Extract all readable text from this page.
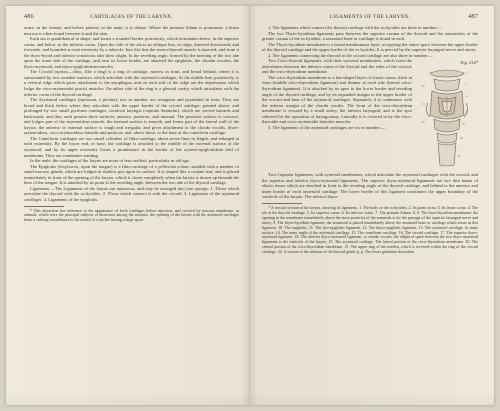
486	CARTILAGES OF THE LARYNX.

acute; in the female, and before puberty in the male, it is obtuse. Where the pomum Adami is prominent, a bursa mucosa is often found between it and the skin.

Each ala is quadrilateral in shape, and forms a rounded border posteriorly, which terminates above, in the superior cornu, and below, in the inferior cornu. Upon the side of the ala is an oblique line, or ridge, directed downwards and forwards, and bounded at each extremity by a tubercle. Into this line the sterno-thyroid muscle is inserted; and from it the thyro-hyoid and inferior constrictor take their origin. In the receding angle, formed by the meeting of the two alæ upon the inner side of the cartilage, and near its lower border, are attached the epiglottis, the chordæ vocales, the thyro-arytenoid, and thyro-epiglottidean muscles.

The Cricoid (κρίκος—εἶδος, like a ring) is a ring of cartilage, narrow in front, and broad behind, where it is surmounted by two rounded surfaces, which articulate with the arytenoid cartilages. At the middle line, posteriorly, is a vertical ridge which gives attachment to the œsophagus, and on each side of the ridge are the depressions which lodge the crico-arytenoidei postici muscles. On either side of the ring is a glenoid cavity, which articulates with the inferior cornu of the thyroid cartilage.

The Arytenoid cartilages (ἀρύταινα, a pitcher), two in number, are triangular and pyramidal in form. They are broad and thick below where they articulate with the upper border of the cricoid cartilage; pointed above, and prolonged by two small pyriform cartilages, corniculi laryngis (capitula Santorini), which are curved inwards and backwards, and they each present three surfaces, anterior, posterior, and internal. The posterior surface is concave, and lodges part of the arytenoideus muscle; the internal surface is smooth, and forms part of the lateral wall of the larynx; the anterior or external surface is rough and irregular, and gives attachment to the chorda vocalis, thyro-arytenoideus, crico-arytenoideus lateralis and posticus, and, above these, to the base of the cuneiform cartilage.

The Cuneiform cartilages are two small cylinders of fibro-cartilage, about seven lines in length, and enlarged at each extremity. By the lower end, or base, the cartilage is attached to the middle of the external surface of the arytenoid, and by its upper extremity forms a prominence in the border of the aryteno-epiglottidean fold of membrane. They are sometimes wanting.

In the male, the cartilages of the larynx are more or less ossified, particularly in old age.

The Epiglottis (ἐπιγλωττίς, upon the tongue) is a fibro-cartilage of a yellowish colour, studded with a number of small mucous glands, which are lodged in shallow pits upon its surface. It is shaped like a cordate leaf, and is placed immediately in front of the opening of the larynx, which it closes completely when the larynx is drawn up beneath the base of the tongue. It is attached by its point to the receding angle, between the two alæ of the thyroid cartilage.

Ligaments.—The Ligaments of the larynx are numerous, and may be arranged into four groups: 1. Those which articulate the thyroid with the os hyoides. 2. Those which connect it with the cricoid. 3. Ligaments of the arytenoid cartilages. 4. Ligaments of the epiglottis.

* This dissection has reference to the appearance of fresh cartilages before injection, and covered by mucous membrane, in animals, which were the principal subjects of dissection among the ancients, the opening of the larynx with the arytenoid cartilages bears a striking resemblance to the mouth of a pitcher having a large spout.

LIGAMENTS OF THE LARYNX.	487

1. The ligaments which connect the thyroid cartilage with the os hyoides are three in number:—

The two Thyro-hyoidean ligaments pass between the superior cornua of the thyroid and the extremities of the greater cornua of the os hyoides; a sesamoid bone or cartilage is found in each.

The Thyro-hyoidean membrane is a broad membranous layer, occupying the entire space between the upper border of the thyroid cartilage and the upper border of the os hyoides. It is pierced by the superior laryngeal nerve and artery.

2. The ligaments connecting the thyroid to the cricoid cartilage are also three in number:—

Two Crico-thyroid ligaments, with their synovial membranes, which form the articulation between the inferior cornu of the thyroid and the sides of the cricoid; and the crico-thyroidean membrane.

The crico-thyroidean membrane is a fan-shaped layer of elastic tissue, thick in front (middle crico-thyroidean ligament) and thinner at each side (lateral crico-thyroidean ligament). It is attached by its apex to the lower border and receding angle of the thyroid cartilage, and by its expanded margin to the upper border of the cricoid and base of the arytenoid cartilages. Separately it is continuous with the inferior margin of the chorda vocalis. The front of the crico-thyroidean membrane is crossed by a small artery, the inferior laryngeal, and is the spot selected for the operation of laryngotomy. Laterally it is covered in by the crico-thyroidei and crico-arytenoidei laterales muscles.

3. The ligaments of the arytenoid cartilages are six in number:—

Fig. 214*
1
2
4
8
16
20
21
10
13
18

Two Capsular ligaments, with synovial membranes, which articulate the arytenoid cartilages with the cricoid; and the superior and inferior thyro-arytenoid ligaments. The superior thyro-arytenoid ligaments are two thin bands of elastic tissue which are attached in front to the receding angle of the thyroid cartilage, and behind to the anterior and inner border of each arytenoid cartilage. The lower border of this ligament constitutes the upper boundary of the ventricle of the larynx. The inferior thyro-

* A vertical section of the larynx, showing its ligaments. 1. The body of the os hyoides. 2. Its great cornu. 3. Its lesser cornu. 4. The ala of the thyroid cartilage. 5. Its superior cornu. 6. Its inferior cornu. 7. The pomum Adami. 8, 8. The thyro-hyoidean membrane; the opening in the membrane immediately above the most posterior of the numerals is for the passage of the superior laryngeal nerve and artery. 9. The thyro-hyoidean ligament; the sesamoid is placed immediately above the sesamoid bone or cartilage which exists in this ligament. 10. The epiglottis. 11. The hyo-epiglottic ligament. 12. The thyro-epiglottic ligament. 13. The arytenoid cartilage; its inner surface. 14. The inner angle of the arytenoid cartilage. 15. The cuneiform cartilage. 16. The cricoid cartilage. 17. The superior thyro-arytenoid ligament. 18. The inferior thyro-arytenoid ligament, or chorda vocalis; the elliptical space between the two thyro-arytenoid ligaments is the ventricle of the larynx. 19. The arytenoid cartilage. The lateral portion of the crico-thyroidean membrane. 20. The central portion of the crico-thyroidean membrane. 21. The upper ring of the trachea, which is received within the ring of the cricoid cartilage. 22. A section of the isthmus of the thyroid gland. p, p. The lower glandulæ thyroideæ.
